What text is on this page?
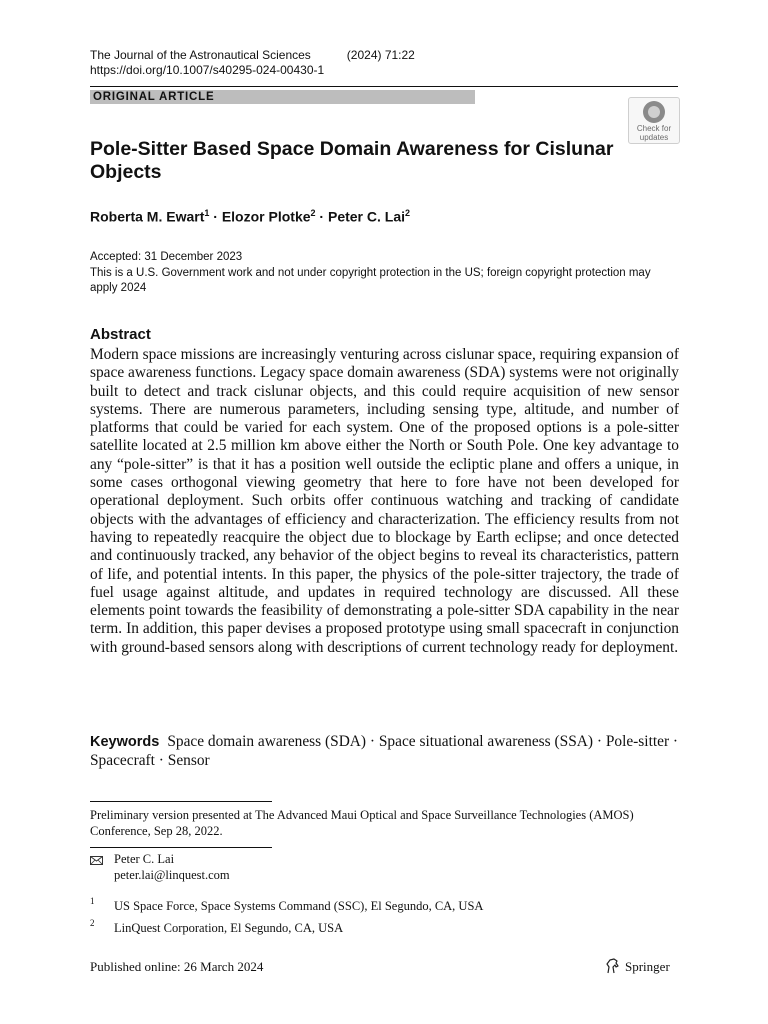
The Journal of the Astronautical Sciences	(2024) 71:22
https://doi.org/10.1007/s40295-024-00430-1
ORIGINAL ARTICLE
Check for updates
Pole-Sitter Based Space Domain Awareness for Cislunar Objects
Roberta M. Ewart$^1$ · Elozor Plotke$^2$ · Peter C. Lai$^2$
Accepted: 31 December 2023
This is a U.S. Government work and not under copyright protection in the US; foreign copyright protection may apply 2024
Abstract
Modern space missions are increasingly venturing across cislunar space, requiring expansion of space awareness functions. Legacy space domain awareness (SDA) systems were not originally built to detect and track cislunar objects, and this could require acquisition of new sensor systems. There are numerous parameters, including sensing type, altitude, and number of platforms that could be varied for each system. One of the proposed options is a pole-sitter satellite located at 2.5 million km above either the North or South Pole. One key advantage to any “pole-sitter” is that it has a position well outside the ecliptic plane and offers a unique, in some cases orthogonal viewing geometry that here to fore have not been developed for operational deployment. Such orbits offer continuous watching and tracking of candidate objects with the advantages of efficiency and characterization. The efficiency results from not having to repeatedly reacquire the object due to blockage by Earth eclipse; and once detected and continuously tracked, any behavior of the object begins to reveal its characteristics, pattern of life, and potential intents. In this paper, the physics of the pole-sitter trajectory, the trade of fuel usage against altitude, and updates in required technology are discussed. All these elements point towards the feasibility of demonstrating a pole-sitter SDA capability in the near term. In addition, this paper devises a proposed prototype using small spacecraft in conjunction with ground-based sensors along with descriptions of current technology ready for deployment.
Keywords Space domain awareness (SDA) · Space situational awareness (SSA) · Pole-sitter · Spacecraft · Sensor
Preliminary version presented at The Advanced Maui Optical and Space Surveillance Technologies (AMOS) Conference, Sep 28, 2022.
Peter C. Lai
peter.lai@linquest.com
1 US Space Force, Space Systems Command (SSC), El Segundo, CA, USA
2 LinQuest Corporation, El Segundo, CA, USA
Published online: 26 March 2024	Springer
